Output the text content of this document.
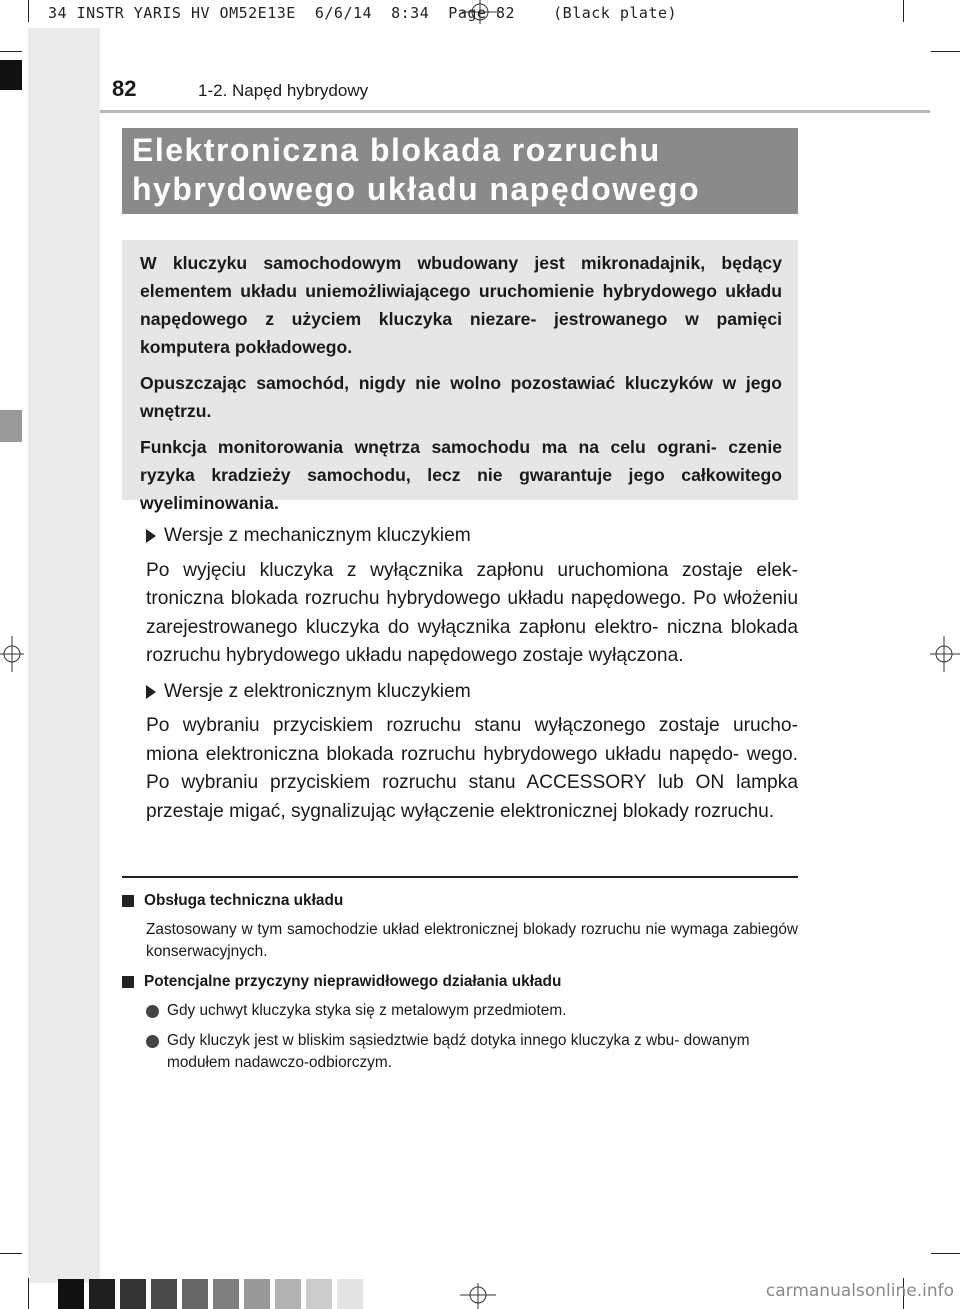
34 INSTR YARIS HV OM52E13E  6/6/14  8:34  Page 82    (Black plate)
82	1-2. Napęd hybrydowy
Elektroniczna blokada rozruchu
hybrydowego układu napędowego

W kluczyku samochodowym wbudowany jest mikronadajnik, będący elementem układu uniemożliwiającego uruchomienie hybrydowego układu napędowego z użyciem kluczyka niezare- jestrowanego w pamięci komputera pokładowego.

Opuszczając samochód, nigdy nie wolno pozostawiać kluczyków w jego wnętrzu.

Funkcja monitorowania wnętrza samochodu ma na celu ograni- czenie ryzyka kradzieży samochodu, lecz nie gwarantuje jego całkowitego wyeliminowania.

Wersje z mechanicznym kluczykiem

Po wyjęciu kluczyka z wyłącznika zapłonu uruchomiona zostaje elek- troniczna blokada rozruchu hybrydowego układu napędowego. Po włożeniu zarejestrowanego kluczyka do wyłącznika zapłonu elektro- niczna blokada rozruchu hybrydowego układu napędowego zostaje wyłączona.

Wersje z elektronicznym kluczykiem

Po wybraniu przyciskiem rozruchu stanu wyłączonego zostaje urucho- miona elektroniczna blokada rozruchu hybrydowego układu napędo- wego. Po wybraniu przyciskiem rozruchu stanu ACCESSORY lub ON lampka przestaje migać, sygnalizując wyłączenie elektronicznej blokady rozruchu.

Obsługa techniczna układu
Zastosowany w tym samochodzie układ elektronicznej blokady rozruchu nie wymaga zabiegów konserwacyjnych.
Potencjalne przyczyny nieprawidłowego działania układu
Gdy uchwyt kluczyka styka się z metalowym przedmiotem.
Gdy kluczyk jest w bliskim sąsiedztwie bądź dotyka innego kluczyka z wbu- dowanym modułem nadawczo-odbiorczym.
carmanualsonline.info
